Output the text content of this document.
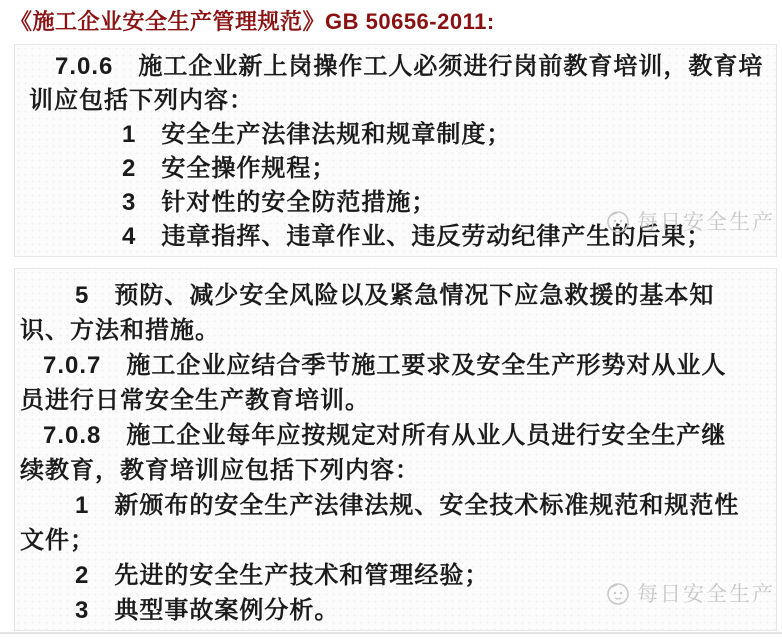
《施工企业安全生产管理规范》GB 50656-2011:
7.0.6　施工企业新上岗操作工人必须进行岗前教育培训，教育培
训应包括下列内容：
1　安全生产法律法规和规章制度；
2　安全操作规程；
3　针对性的安全防范措施；
4　违章指挥、违章作业、违反劳动纪律产生的后果；
5　预防、减少安全风险以及紧急情况下应急救援的基本知
识、方法和措施。
7.0.7　施工企业应结合季节施工要求及安全生产形势对从业人
员进行日常安全生产教育培训。
7.0.8　施工企业每年应按规定对所有从业人员进行安全生产继
续教育，教育培训应包括下列内容：
1　新颁布的安全生产法律法规、安全技术标准规范和规范性
文件；
2　先进的安全生产技术和管理经验；
3　典型事故案例分析。
每日安全生产
每日安全生产
